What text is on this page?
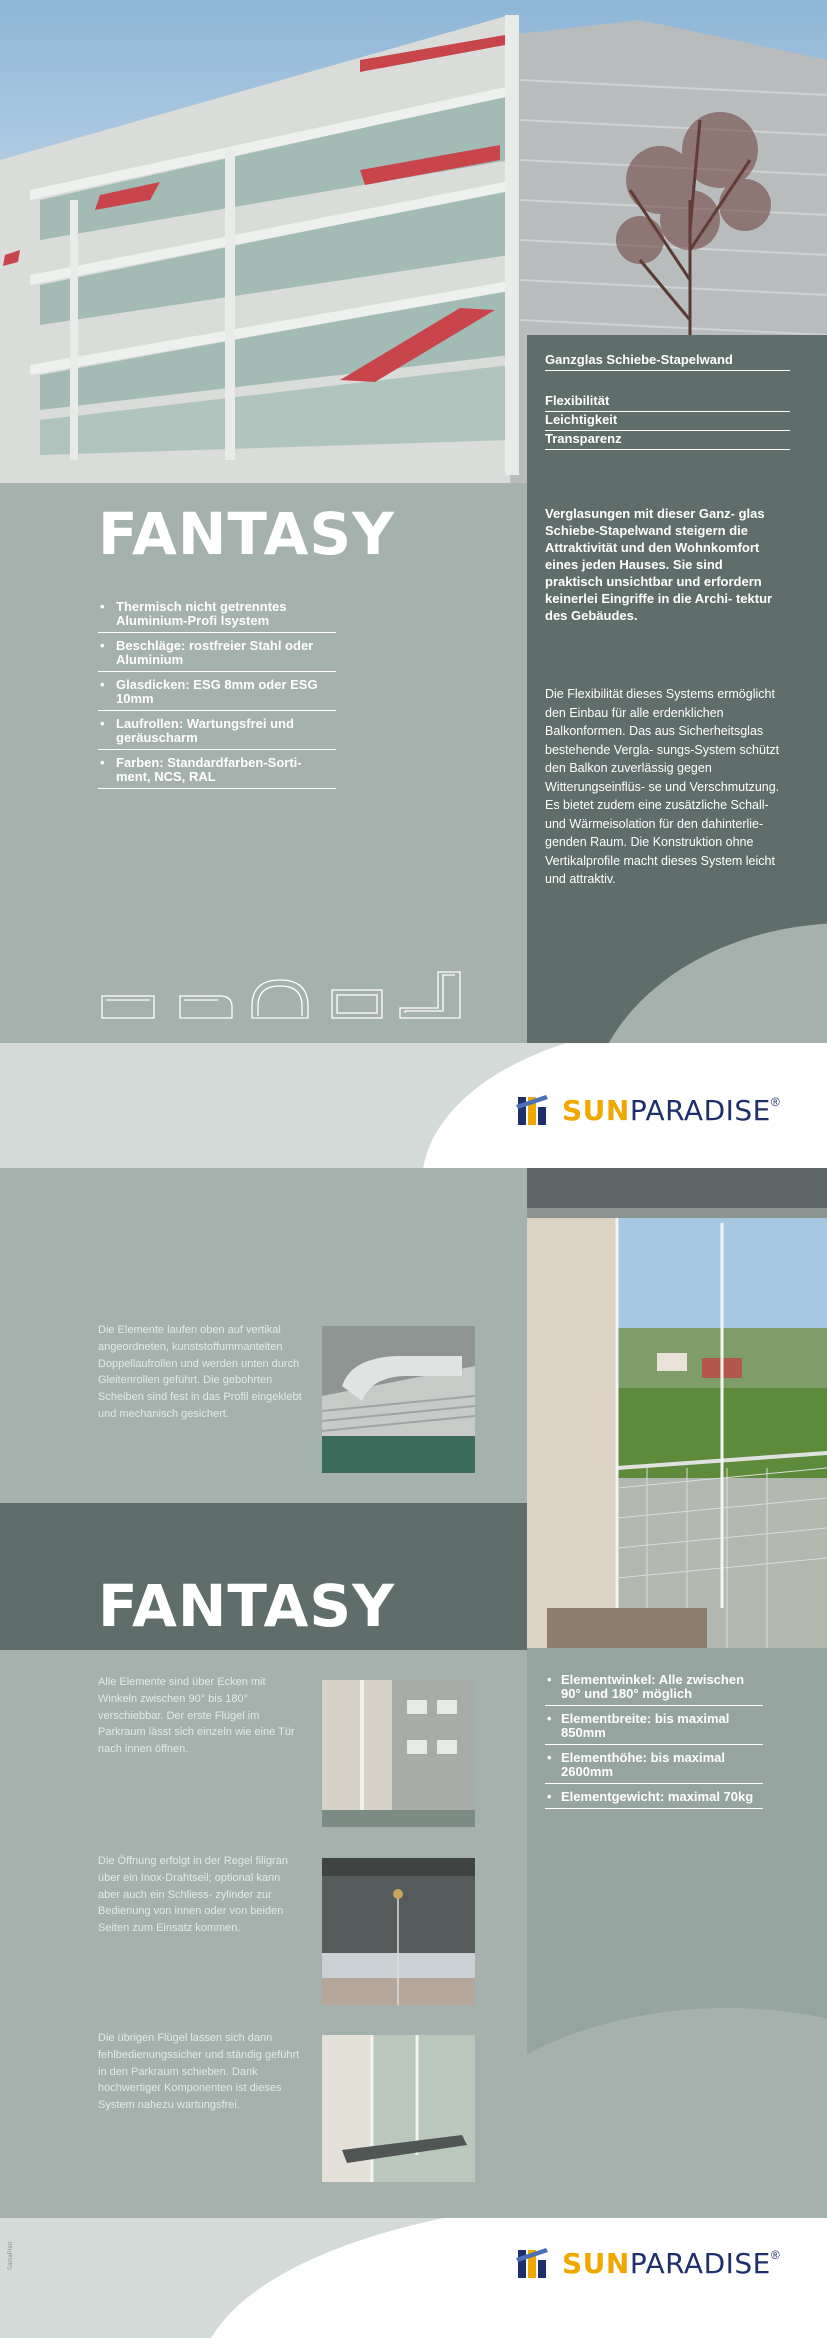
Ganzglas Schiebe-Stapelwand
Flexibilität
Leichtigkeit
Transparenz
FANTASY
• Thermisch nicht getrenntes Aluminium-Profi lsystem
• Beschläge: rostfreier Stahl oder Aluminium
• Glasdicken: ESG 8mm oder ESG 10mm
• Laufrollen: Wartungsfrei und geräuscharm
• Farben: Standardfarben-Sorti- ment, NCS, RAL
Verglasungen mit dieser Ganz- glas Schiebe-Stapelwand steigern die Attraktivität und den Wohnkomfort eines jeden Hauses. Sie sind praktisch unsichtbar und erfordern keinerlei Eingriffe in die Archi- tektur des Gebäudes.
Die Flexibilität dieses Systems ermöglicht den Einbau für alle erdenklichen Balkonformen. Das aus Sicherheitsglas bestehende Vergla- sungs-System schützt den Balkon zuverlässig gegen Witterungseinflüs- se und Verschmutzung. Es bietet zudem eine zusätzliche Schall- und Wärmeisolation für den dahinterlie- genden Raum. Die Konstruktion ohne Vertikalprofile macht dieses System leicht und attraktiv.
SUN PARADISE ®
Die Elemente laufen oben auf vertikal angeordneten, kunststoffummantelten Doppellaufrollen und werden unten durch Gleitenrollen geführt. Die gebohrten Scheiben sind fest in das Profil eingeklebt und mechanisch gesichert.
FANTASY
Alle Elemente sind über Ecken mit Winkeln zwischen 90° bis 180° verschiebbar. Der erste Flügel im Parkraum lässt sich einzeln wie eine Tür nach innen öffnen.
Die Öffnung erfolgt in der Regel filigran über ein Inox-Drahtseil; optional kann aber auch ein Schliess- zylinder zur Bedienung von innen oder von beiden Seiten zum Einsatz kommen.
Die übrigen Flügel lassen sich dann fehlbedienungssicher und ständig geführt in den Parkraum schieben. Dank hochwertiger Komponenten ist dieses System nahezu wartungsfrei.
• Elementwinkel: Alle zwischen 90° und 180° möglich
• Elementbreite: bis maximal 850mm
• Elementhöhe: bis maximal 2600mm
• Elementgewicht: maximal 70kg
SUN PARADISE ®
SämaPrint
